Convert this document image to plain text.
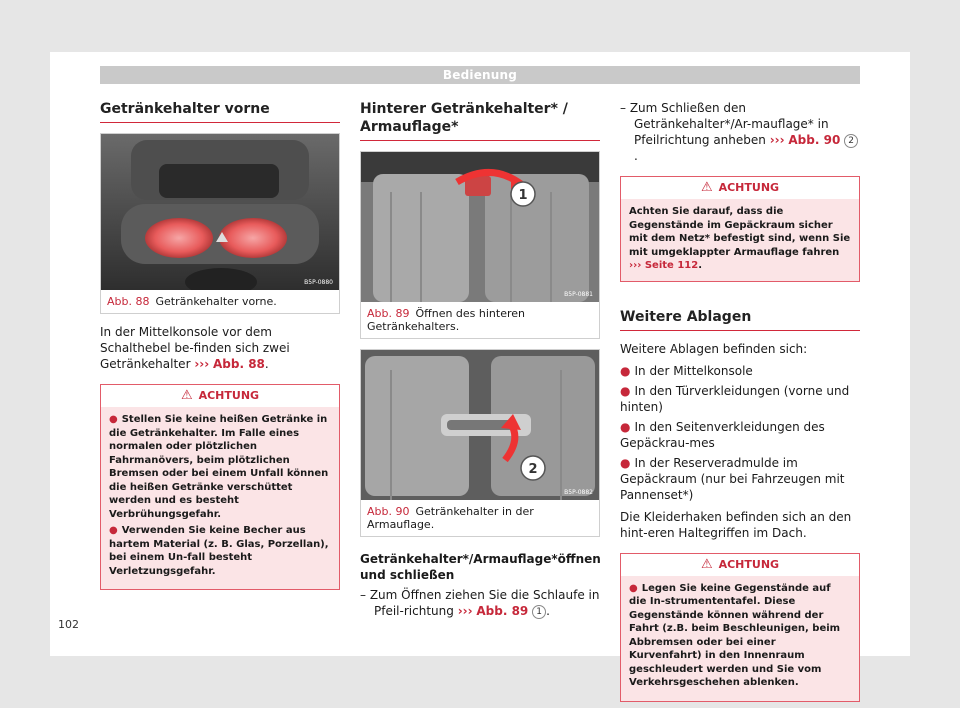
Bedienung
Getränkehalter vorne
B5P-0880
Abb. 88 Getränkehalter vorne.

In der Mittelkonsole vor dem Schalthebel be-finden sich zwei Getränkehalter ››› Abb. 88.

⚠ ACHTUNG
● Stellen Sie keine heißen Getränke in die Getränkehalter. Im Falle eines normalen oder plötzlichen Fahrmanövers, beim plötzlichen Bremsen oder bei einem Unfall können die heißen Getränke verschüttet werden und es besteht Verbrühungsgefahr.
● Verwenden Sie keine Becher aus hartem Material (z. B. Glas, Porzellan), bei einem Un-fall besteht Verletzungsgefahr.
Hinterer Getränkehalter* / Armauflage*
1
B5P-0881
Abb. 89 Öffnen des hinteren Getränkehalters.
2
B5P-0882
Abb. 90 Getränkehalter in der Armauflage.
Getränkehalter*/Armauflage*öffnen und schließen
– Zum Öffnen ziehen Sie die Schlaufe in Pfeil-richtung ››› Abb. 89 1 .
– Zum Schließen den Getränkehalter*/Ar-mauflage* in Pfeilrichtung anheben ››› Abb. 90 2.
⚠ ACHTUNG
Achten Sie darauf, dass die Gegenstände im Gepäckraum sicher mit dem Netz* befestigt sind, wenn Sie mit umgeklappter Armauflage fahren ››› Seite 112.
Weitere Ablagen

Weitere Ablagen befinden sich:

● In der Mittelkonsole
● In den Türverkleidungen (vorne und hinten)
● In den Seitenverkleidungen des Gepäckrau-mes
● In der Reserveradmulde im Gepäckraum (nur bei Fahrzeugen mit Pannenset*)

Die Kleiderhaken befinden sich an den hint-eren Haltegriffen im Dach.

⚠ ACHTUNG
● Legen Sie keine Gegenstände auf die In-strumententafel. Diese Gegenstände können während der Fahrt (z.B. beim Beschleunigen, beim Abbremsen oder bei einer Kurvenfahrt) in den Innenraum geschleudert werden und Sie vom Verkehrsgeschehen ablenken.
102
